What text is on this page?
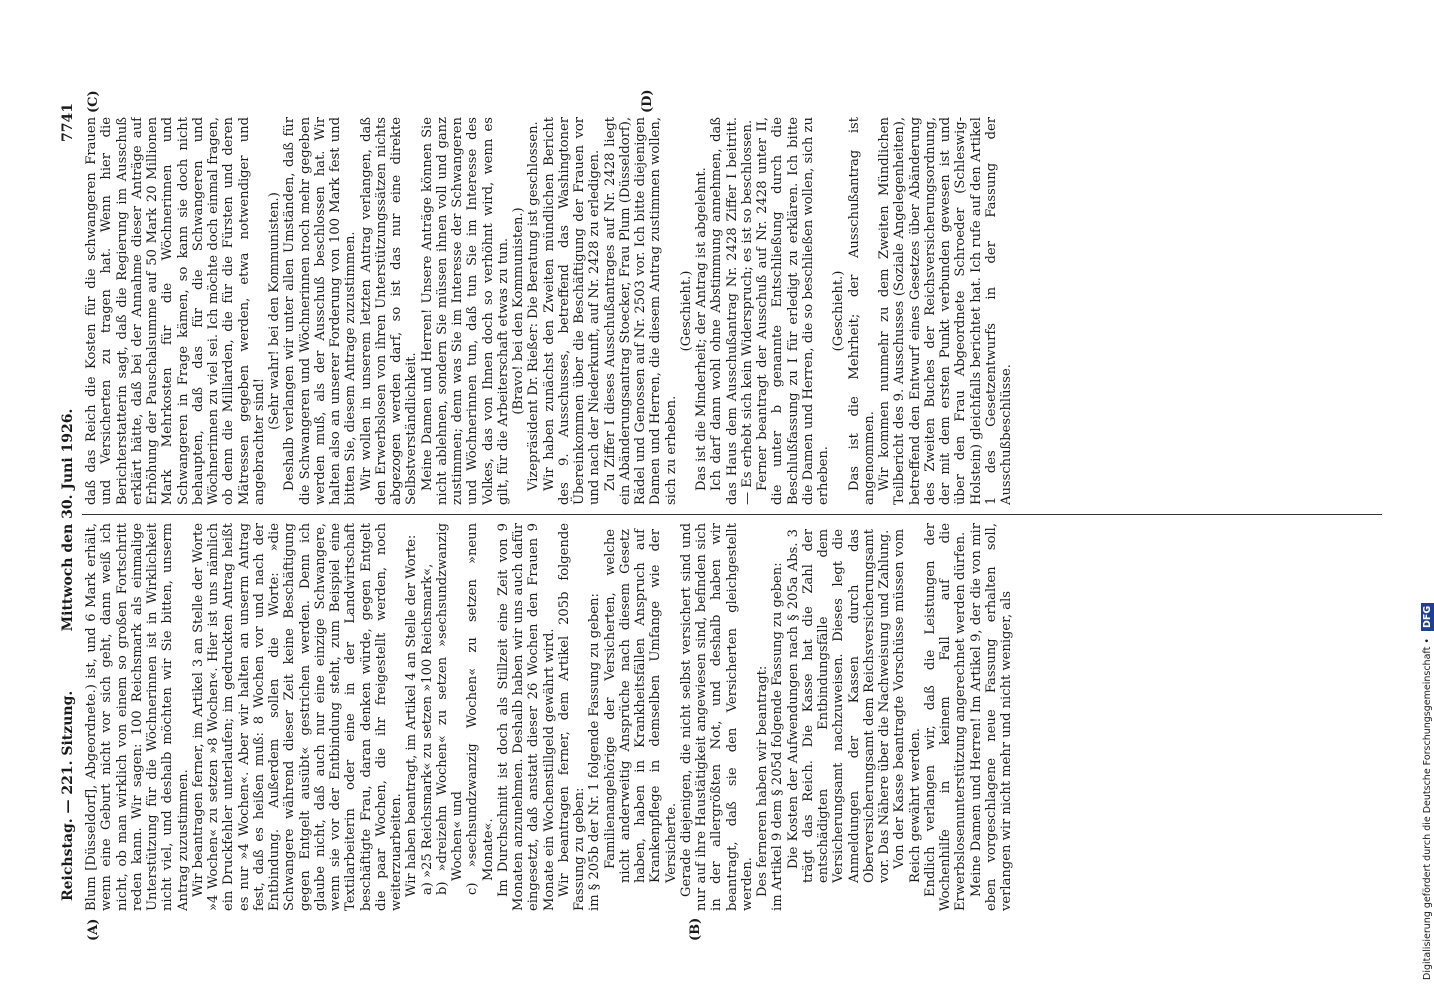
Reichstag. — 221. Sitzung.
Mittwoch den 30. Juni 1926.
7741
(A)	(B)
(C)	(D)

Blum [Düsseldorf], Abgeordnete.) ist, und 6 Mark erhält, wenn eine Geburt nicht vor sich geht, dann weiß ich nicht, ob man wirklich von einem so großen Fortschritt reden kann. Wir sagen: 100 Reichsmark als einmalige Unterstützung für die Wöchnerinnen ist in Wirklichkeit nicht viel, und deshalb möchten wir Sie bitten, unserm Antrag zuzustimmen. Wir beantragen ferner, im Artikel 3 an Stelle der Worte »4 Wochen« zu setzen »8 Wochen«. Hier ist uns nämlich ein Druckfehler unterlaufen; im gedruckten Antrag heißt es nur »4 Wochen«. Aber wir halten an unserm Antrag fest, daß es heißen muß: 8 Wochen vor und nach der Entbindung. Außerdem sollen die Worte: »die Schwangere während dieser Zeit keine Beschäftigung gegen Entgelt ausübt« gestrichen werden. Denn ich glaube nicht, daß auch nur eine einzige Schwangere, wenn sie vor der Entbindung steht, zum Beispiel eine Textilarbeiterin oder eine in der Landwirtschaft beschäftigte Frau, daran denken würde, gegen Entgelt die paar Wochen, die ihr freigestellt werden, noch weiterzuarbeiten. Wir haben beantragt, im Artikel 4 an Stelle der Worte: a) »25 Reichsmark« zu setzen »100 Reichsmark«, b) »dreizehn Wochen« zu setzen »sechsundzwanzig Wochen« und c) »sechsundzwanzig Wochen« zu setzen »neun Monate«. Im Durchschnitt ist doch als Stillzeit eine Zeit von 9 Monaten anzunehmen. Deshalb haben wir uns auch dafür eingesetzt, daß anstatt dieser 26 Wochen den Frauen 9 Monate ein Wochenstillgeld gewährt wird. Wir beantragen ferner, dem Artikel 205b folgende Fassung zu geben: im § 205b der Nr. 1 folgende Fassung zu geben: Familienangehörige der Versicherten, welche nicht anderweitig Ansprüche nach diesem Gesetz haben, haben in Krankheitsfällen Anspruch auf Krankenpflege in demselben Umfange wie der Versicherte. Gerade diejenigen, die nicht selbst versichert sind und nur auf ihre Haustätigkeit angewiesen sind, befinden sich in der allergrößten Not, und deshalb haben wir beantragt, daß sie den Versicherten gleichgestellt werden. Des ferneren haben wir beantragt: im Artikel 9 dem § 205d folgende Fassung zu geben: Die Kosten der Aufwendungen nach § 205a Abs. 3 trägt das Reich. Die Kasse hat die Zahl der entschädigten Entbindungsfälle dem Versicherungsamt nachzuweisen. Dieses legt die Anmeldungen der Kassen durch das Oberversicherungsamt dem Reichsversicherungsamt vor. Das Nähere über die Nachweisung und Zahlung. Von der Kasse beantragte Vorschüsse müssen vom Reich gewährt werden. Endlich verlangen wir, daß die Leistungen der Wochenhilfe in keinem Fall auf die Erwerbslosenunterstützung angerechnet werden dürfen. Meine Damen und Herren! Im Artikel 9, der die von mir eben vorgeschlagene neue Fassung erhalten soll, verlangen wir nicht mehr und nicht weniger, als

daß das Reich die Kosten für die schwangeren Frauen und Versicherten zu tragen hat. Wenn hier die Berichterstatterin sagt, daß die Regierung im Ausschuß erklärt hätte, daß bei der Annahme dieser Anträge auf Erhöhung der Pauschalsumme auf 50 Mark 20 Millionen Mark Mehrkosten für die Wöchnerinnen und Schwangeren in Frage kämen, so kann sie doch nicht behaupten, daß das für die Schwangeren und Wöchnerinnen zu viel sei. Ich möchte doch einmal fragen, ob denn die Milliarden, die für die Fürsten und deren Mätressen gegeben werden, etwa notwendiger und angebrachter sind!

(Sehr wahr! bei den Kommunisten.) Deshalb verlangen wir unter allen Umständen, daß für die Schwangeren und Wöchnerinnen noch mehr gegeben werden muß, als der Ausschuß beschlossen hat. Wir halten also an unserer Forderung von 100 Mark fest und bitten Sie, diesem Antrage zuzustimmen. Wir wollen in unserem letzten Antrag verlangen, daß den Erwerbslosen von ihren Unterstützungssätzen nichts abgezogen werden darf, so ist das nur eine direkte Selbstverständlichkeit. Meine Damen und Herren! Unsere Anträge können Sie nicht ablehnen, sondern Sie müssen ihnen voll und ganz zustimmen; denn was Sie im Interesse der Schwangeren und Wöchnerinnen tun, daß tun Sie im Interesse des Volkes, das von Ihnen doch so verhöhnt wird, wenn es gilt, für die Arbeiterschaft etwas zu tun. (Bravo! bei den Kommunisten.) Vizepräsident Dr. Rießer: Die Beratung ist geschlossen. Wir haben zunächst den Zweiten mündlichen Bericht des 9. Ausschusses, betreffend das Washingtoner Übereinkommen über die Beschäftigung der Frauen vor und nach der Niederkunft, auf Nr. 2428 zu erledigen. Zu Ziffer I dieses Ausschußantrages auf Nr. 2428 liegt ein Abänderungsantrag Stoecker, Frau Plum (Düsseldorf), Rädel und Genossen auf Nr. 2503 vor. Ich bitte diejenigen Damen und Herren, die diesem Antrag zustimmen wollen, sich zu erheben.

(Geschieht.) Das ist die Minderheit; der Antrag ist abgelehnt. Ich darf dann wohl ohne Abstimmung annehmen, daß das Haus dem Ausschußantrag Nr. 2428 Ziffer I beitritt. — Es erhebt sich kein Widerspruch; es ist so beschlossen. Ferner beantragt der Ausschuß auf Nr. 2428 unter II, die unter b genannte Entschließung durch die Beschlußfassung zu I für erledigt zu erklären. Ich bitte die Damen und Herren, die so beschließen wollen, sich zu erheben.

(Geschieht.) Das ist die Mehrheit; der Ausschußantrag ist angenommen. Wir kommen nunmehr zu dem Zweiten Mündlichen Teilbericht des 9. Ausschusses (Soziale Angelegenheiten), betreffend den Entwurf eines Gesetzes über Abänderung des Zweiten Buches der Reichsversicherungsordnung, der mit dem ersten Punkt verbunden gewesen ist und über den Frau Abgeordnete Schroeder (Schleswig-Holstein) gleichfalls berichtet hat. Ich rufe auf den Artikel 1 des Gesetzentwurfs in der Fassung der Ausschußbeschlüsse.

Digitalisierung gefördert durch die Deutsche Forschungsgemeinschaft • DFG
